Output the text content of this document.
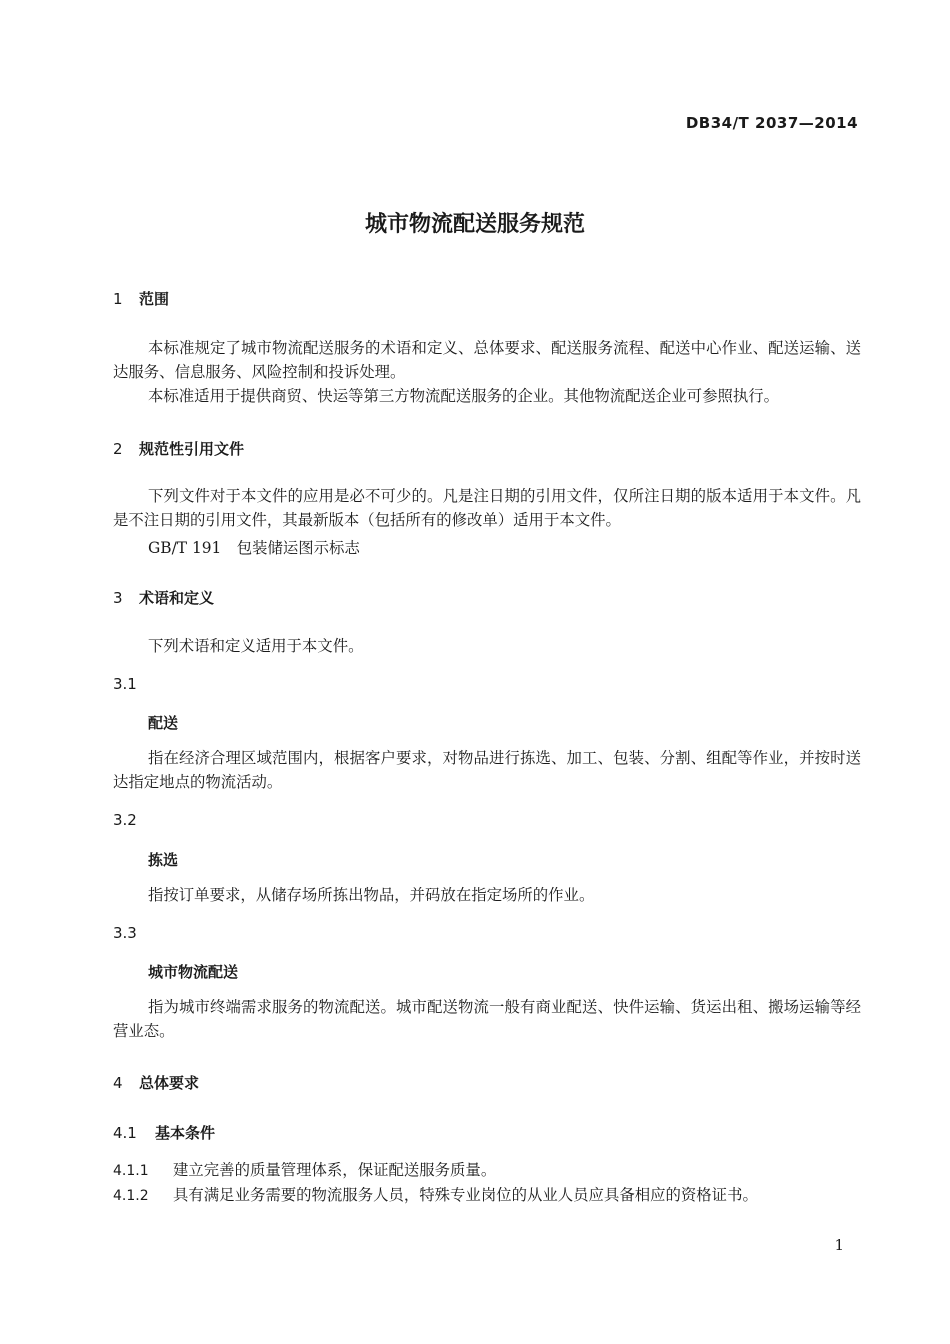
DB34/T 2037—2014
城市物流配送服务规范
1 范围
本标准规定了城市物流配送服务的术语和定义、总体要求、配送服务流程、配送中心作业、配送运输、送达服务、信息服务、风险控制和投诉处理。
本标准适用于提供商贸、快运等第三方物流配送服务的企业。其他物流配送企业可参照执行。
2 规范性引用文件
下列文件对于本文件的应用是必不可少的。凡是注日期的引用文件，仅所注日期的版本适用于本文件。凡是不注日期的引用文件，其最新版本（包括所有的修改单）适用于本文件。
GB/T 191　包装储运图示标志
3 术语和定义
下列术语和定义适用于本文件。
3.1
配送
指在经济合理区域范围内，根据客户要求，对物品进行拣选、加工、包装、分割、组配等作业，并按时送达指定地点的物流活动。
3.2
拣选
指按订单要求，从储存场所拣出物品，并码放在指定场所的作业。
3.3
城市物流配送
指为城市终端需求服务的物流配送。城市配送物流一般有商业配送、快件运输、货运出租、搬场运输等经营业态。
4 总体要求
4.1 基本条件
4.1.1 建立完善的质量管理体系，保证配送服务质量。
4.1.2 具有满足业务需要的物流服务人员，特殊专业岗位的从业人员应具备相应的资格证书。
1
